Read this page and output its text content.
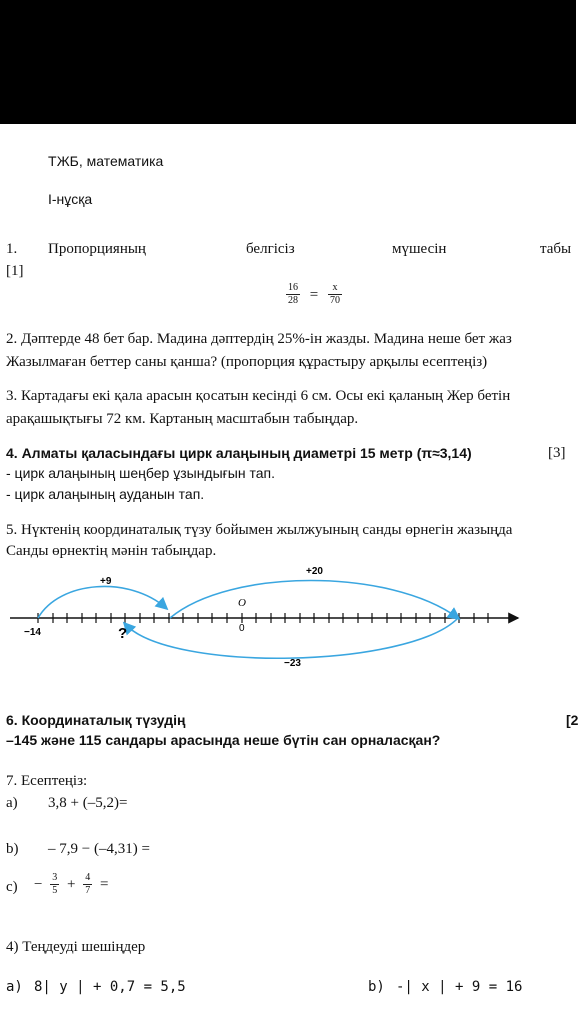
ТЖБ, математика
І-нұсқа
1. Пропорцияның	белгісіз	мүшесін	табы
[1]
$\frac{16}{28} = \frac{x}{70}$
2. Дәптерде 48 бет бар. Мадина дәптердің 25%-ін жазды. Мадина неше бет жаз
Жазылмаған беттер саны қанша? (пропорция құрастыру арқылы есептеңіз)
3. Картадағы екі қала арасын қосатын кесінді 6 см. Осы екі қаланың Жер бетін
арақашықтығы 72 км. Картаның масштабын табыңдар.
4. Алматы қаласындағы цирк алаңының диаметрі 15 метр (π≈3,14)	[3]
- цирк алаңының шеңбер ұзындығын тап.
- цирк алаңының ауданын тап.
5. Нүктенің координаталық түзу бойымен жылжуының санды өрнегін жазыңда
Санды өрнектің мәнін табыңдар.
+9
+20
−23
−14	?
O
0
6. Координаталық түзудің	[2
–145 және 115 сандары арасында неше бүтін сан орналасқан?
7. Есептеңіз:
a) 3,8 + (–5,2)=
b) – 7,9 − (–4,31) =
$c) - \frac{3}{5} + \frac{4}{7}$ =
4) Теңдеуді шешіңдер
a) 8| y | + 0,7 = 5,5	b) -| x | + 9 = 16
